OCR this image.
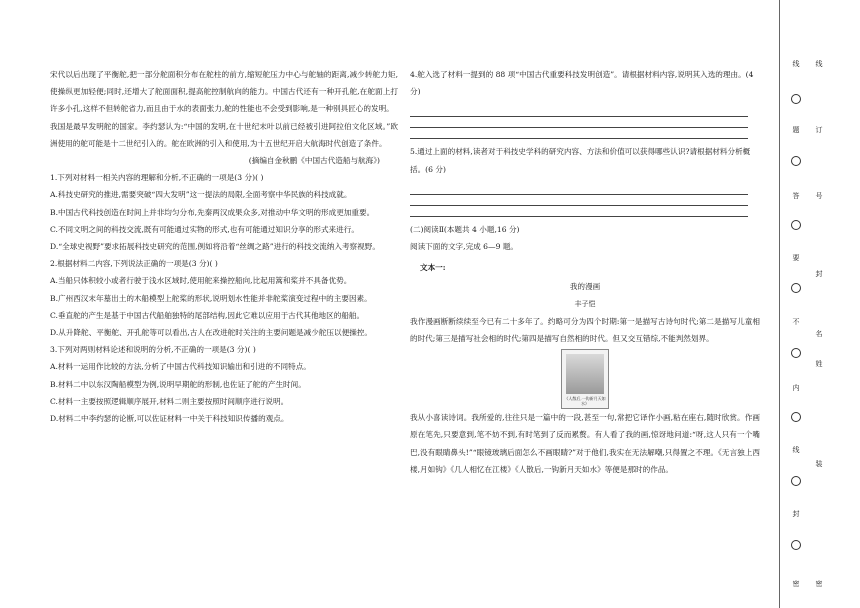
宋代以后出现了平衡舵,把一部分舵面积分布在舵柱的前方,缩短舵压力中心与舵轴的距离,减少转舵力矩,使操纵更加轻便;同时,还增大了舵面面积,提高舵控制航向的能力。中国古代还有一种开孔舵,在舵面上打许多小孔,这样不但转舵省力,而且由于水的表面张力,舵的性能也不会受到影响,是一种别具匠心的发明。

我国是最早发明舵的国家。李约瑟认为:“中国的发明,在十世纪末叶以前已经被引进阿拉伯文化区域。”欧洲使用的舵可能是十二世纪引入的。舵在欧洲的引入和使用,为十五世纪开启大航海时代创造了条件。

(摘编自金秋鹏《中国古代造船与航海》)

1.下列对材料一相关内容的理解和分析,不正确的一项是(3 分)( )

A.科技史研究的推进,需要突破“四大发明”这一提法的局限,全面考察中华民族的科技成就。

B.中国古代科技创造在时间上并非均匀分布,先秦两汉成果众多,对推动中华文明的形成更加重要。

C.不同文明之间的科技交流,既有可能通过实物的形式,也有可能通过知识分享的形式来进行。

D.“全球史视野”要求拓展科技史研究的范围,例如将沿着“丝绸之路”进行的科技交流纳入考察视野。

2.根据材料二内容,下列说法正确的一项是(3 分)( )

A.当船只体积较小或者行驶于浅水区域时,使用舵来操控船向,比起用篙和桨并不具备优势。

B.广州西汉末年墓出土的木船模型上舵桨的形状,说明划水性能并非舵桨演变过程中的主要因素。

C.垂直舵的产生是基于中国古代船舶独特的尾部结构,因此它难以应用于古代其他地区的船舶。

D.从升降舵、平衡舵、开孔舵等可以看出,古人在改进舵时关注的主要问题是减少舵压以便操控。

3.下列对两则材料论述和说明的分析,不正确的一项是(3 分)( )

A.材料一运用作比较的方法,分析了中国古代科技知识输出和引进的不同特点。

B.材料二中以东汉陶船模型为例,说明早期舵的形制,也佐证了舵的产生时间。

C.材料一主要按照逻辑顺序展开,材料二则主要按照时间顺序进行说明。

D.材料二中李约瑟的论断,可以佐证材料一中关于科技知识传播的观点。

4.舵入选了材料一提到的 88 项“中国古代重要科技发明创造”。请根据材料内容,说明其入选的理由。(4 分)

5.通过上面的材料,读者对于科技史学科的研究内容、方法和价值可以获得哪些认识?请根据材料分析概括。(6 分)

(二)阅读Ⅱ(本题共 4 小题,16 分)

阅读下面的文字,完成 6—9 题。

文本一:

我的漫画

丰子恺

我作漫画断断续续至今已有二十多年了。约略可分为四个时期:第一是描写古诗句时代;第二是描写儿童相的时代;第三是描写社会相的时代;第四是描写自然相的时代。但又交互错综,不能判然划界。

《人散后,一钩新月天如水》

我从小喜读诗词。我所爱的,往往只是一篇中的一段,甚至一句,常把它译作小画,粘在座右,随时欣赏。作画原在笔先,只要意到,笔不妨不到,有时笔到了反而累赘。有人看了我的画,惊讶地问道:“呀,这人只有一个嘴巴,没有眼睛鼻头!”“眼镜玻璃后面怎么不画眼睛?”对于他们,我实在无法解嘲,只得置之不理。《无言独上西楼,月如钩》《几人相忆在江楼》《人散后,一钩新月天如水》等便是那时的作品。

线
题
答
要
不
内
线
封
密
线
订
号
封
名
姓
装
密
